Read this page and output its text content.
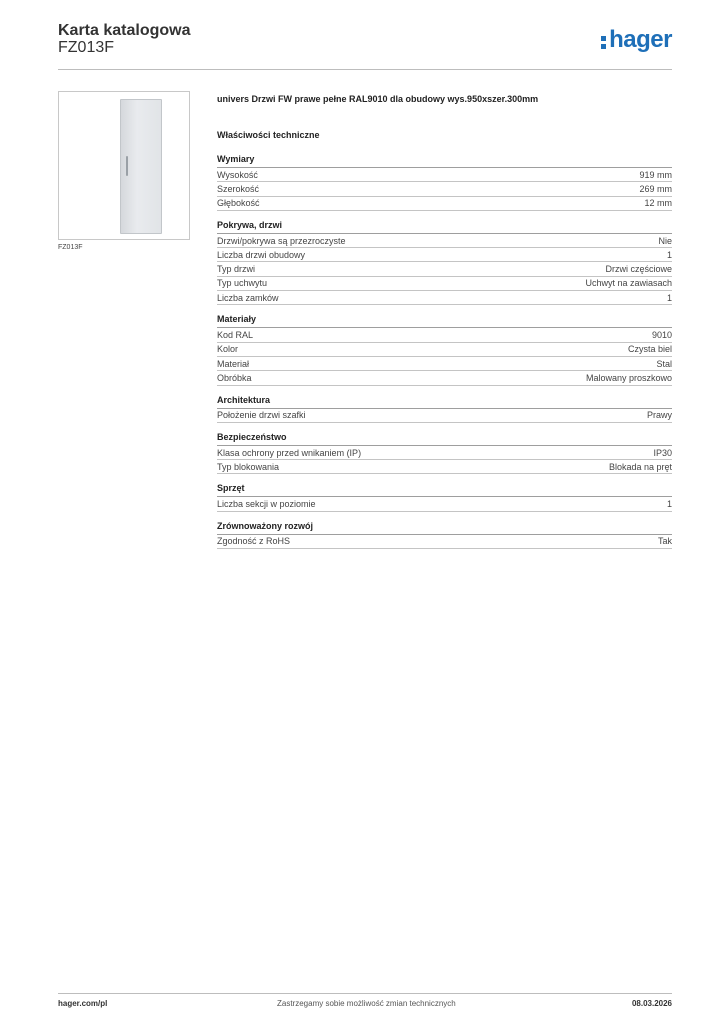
Karta katalogowa
FZ013F	hager
FZ013F
univers Drzwi FW prawe pełne RAL9010 dla obudowy wys.950xszer.300mm
Właściwości techniczne
Wymiary
Wysokość	919 mm
Szerokość	269 mm
Głębokość	12 mm
Pokrywa, drzwi
Drzwi/pokrywa są przezroczyste	Nie
Liczba drzwi obudowy	1
Typ drzwi	Drzwi częściowe
Typ uchwytu	Uchwyt na zawiasach
Liczba zamków	1
Materiały
Kod RAL	9010
Kolor	Czysta biel
Materiał	Stal
Obróbka	Malowany proszkowo
Architektura
Położenie drzwi szafki	Prawy
Bezpieczeństwo
Klasa ochrony przed wnikaniem (IP)	IP30
Typ blokowania	Blokada na pręt
Sprzęt
Liczba sekcji w poziomie	1
Zrównoważony rozwój
Zgodność z RoHS	Tak
hager.com/pl	Zastrzegamy sobie możliwość zmian technicznych	08.03.2026
